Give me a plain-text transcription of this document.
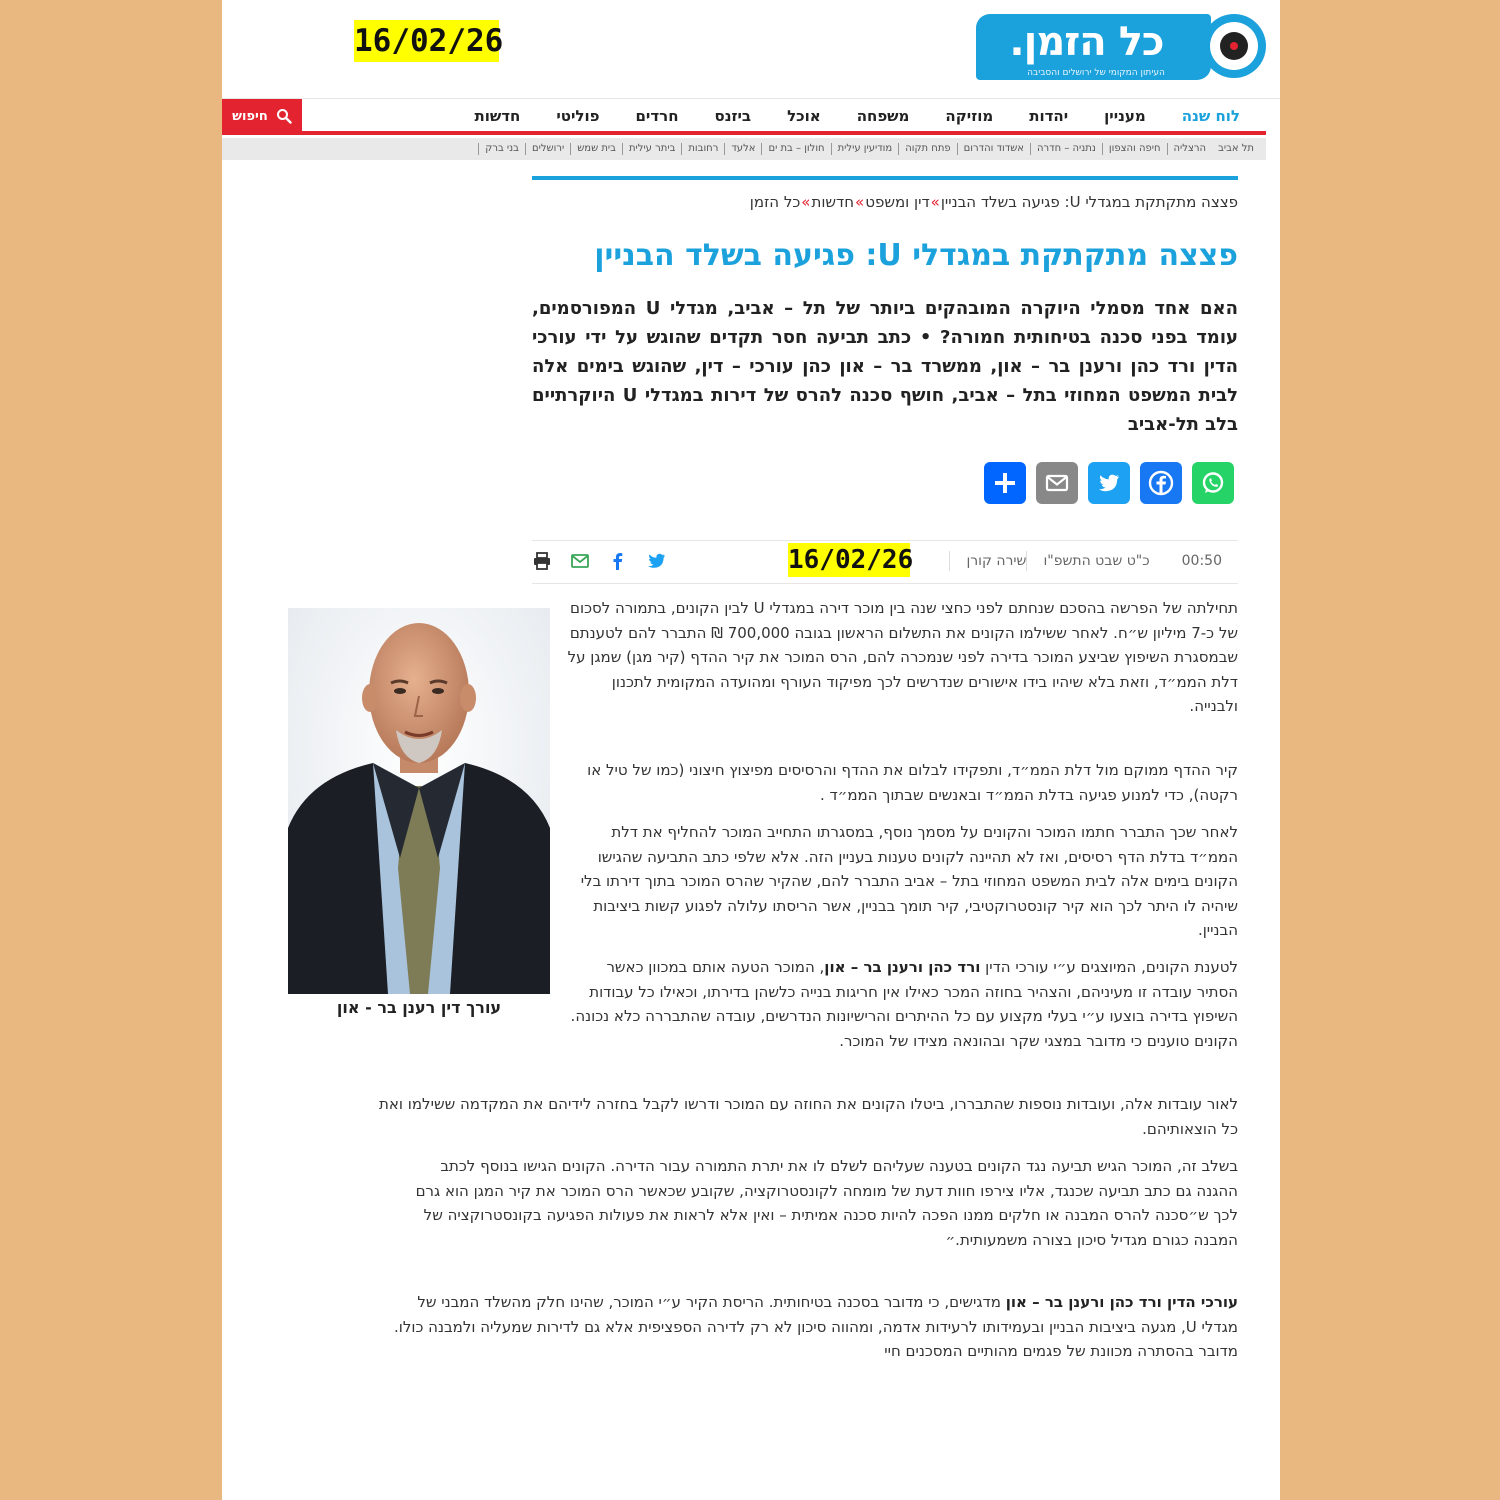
כל הזמן.
העיתון המקומי של ירושלים והסביבה
16/02/26
חדשות	פוליטי	חרדים	ביזנס	אוכל	משפחה	מוזיקה	יהדות	מעניין	לוח שנה
חיפוש
בני ברק	ירושלים	בית שמש	ביתר עילית	רחובות	אלעד	חולון – בת ים	מודיעין עילית	פתח תקוה	אשדוד והדרום	נתניה – חדרה	חיפה והצפון	הרצליה	תל אביב
כל הזמן » חדשות » דין ומשפט » פצצה מתקתקת במגדלי U: פגיעה בשלד הבניין
פצצה מתקתקת במגדלי U: פגיעה בשלד הבניין
האם אחד מסמלי היוקרה המובהקים ביותר של תל – אביב, מגדלי U המפורסמים, עומד בפני סכנה בטיחותית חמורה? • כתב תביעה חסר תקדים שהוגש על ידי עורכי הדין ורד כהן ורענן בר – און, ממשרד בר – און כהן עורכי – דין, שהוגש בימים אלה לבית המשפט המחוזי בתל – אביב, חושף סכנה להרס של דירות במגדלי U היוקרתיים בלב תל-אביב
שירה קורן	כ"ט שבט התשפ"ו	00:50
16/02/26
עורך דין רענן בר - און
תחילתה של הפרשה בהסכם שנחתם לפני כחצי שנה בין מוכר דירה במגדלי U לבין הקונים, בתמורה לסכום של כ-7 מיליון ש״ח. לאחר ששילמו הקונים את התשלום הראשון בגובה 700,000 ₪ התברר להם לטענתם שבמסגרת השיפוץ שביצע המוכר בדירה לפני שנמכרה להם, הרס המוכר את קיר ההדף (קיר מגן) שמגן על דלת הממ״ד, וזאת בלא שיהיו בידו אישורים שנדרשים לכך מפיקוד העורף ומהועדה המקומית לתכנון ולבנייה.
קיר ההדף ממוקם מול דלת הממ״ד, ותפקידו לבלום את ההדף והרסיסים מפיצוץ חיצוני (כמו של טיל או רקטה), כדי למנוע פגיעה בדלת הממ״ד ובאנשים שבתוך הממ״ד .
לאחר שכך התברר חתמו המוכר והקונים על מסמך נוסף, במסגרתו התחייב המוכר להחליף את דלת הממ״ד בדלת הדף רסיסים, ואז לא תהיינה לקונים טענות בעניין הזה. אלא שלפי כתב התביעה שהגישו הקונים בימים אלה לבית המשפט המחוזי בתל – אביב התברר להם, שהקיר שהרס המוכר בתוך דירתו בלי שיהיה לו היתר לכך הוא קיר קונסטרוקטיבי, קיר תומך בבניין, אשר הריסתו עלולה לפגוע קשות ביציבות הבניין.
לטענת הקונים, המיוצגים ע״י עורכי הדין ורד כהן ורענן בר – און, המוכר הטעה אותם במכוון כאשר הסתיר עובדה זו מעיניהם, והצהיר בחוזה המכר כאילו אין חריגות בנייה כלשהן בדירתו, וכאילו כל עבודות השיפוץ בדירה בוצעו ע״י בעלי מקצוע עם כל ההיתרים והרישיונות הנדרשים, עובדה שהתבררה כלא נכונה. הקונים טוענים כי מדובר במצגי שקר ובהונאה מצידו של המוכר.
לאור עובדות אלה, ועובדות נוספות שהתבררו, ביטלו הקונים את החוזה עם המוכר ודרשו לקבל בחזרה לידיהם את המקדמה ששילמו ואת כל הוצאותיהם.
בשלב זה, המוכר הגיש תביעה נגד הקונים בטענה שעליהם לשלם לו את יתרת התמורה עבור הדירה. הקונים הגישו בנוסף לכתב ההגנה גם כתב תביעה שכנגד, אליו צירפו חוות דעת של מומחה לקונסטרוקציה, שקובע שכאשר הרס המוכר את קיר המגן הוא גרם לכך ש״סכנה להרס המבנה או חלקים ממנו הפכה להיות סכנה אמיתית – ואין אלא לראות את פעולות הפגיעה בקונסטרוקציה של המבנה כגורם מגדיל סיכון בצורה משמעותית.״
עורכי הדין ורד כהן ורענן בר – און מדגישים, כי מדובר בסכנה בטיחותית. הריסת הקיר ע״י המוכר, שהינו חלק מהשלד המבני של מגדלי U, מגעה ביציבות הבניין ובעמידותו לרעידות אדמה, ומהווה סיכון לא רק לדירה הספציפית אלא גם לדירות שמעליה ולמבנה כולו. מדובר בהסתרה מכוונת של פגמים מהותיים המסכנים חיי
